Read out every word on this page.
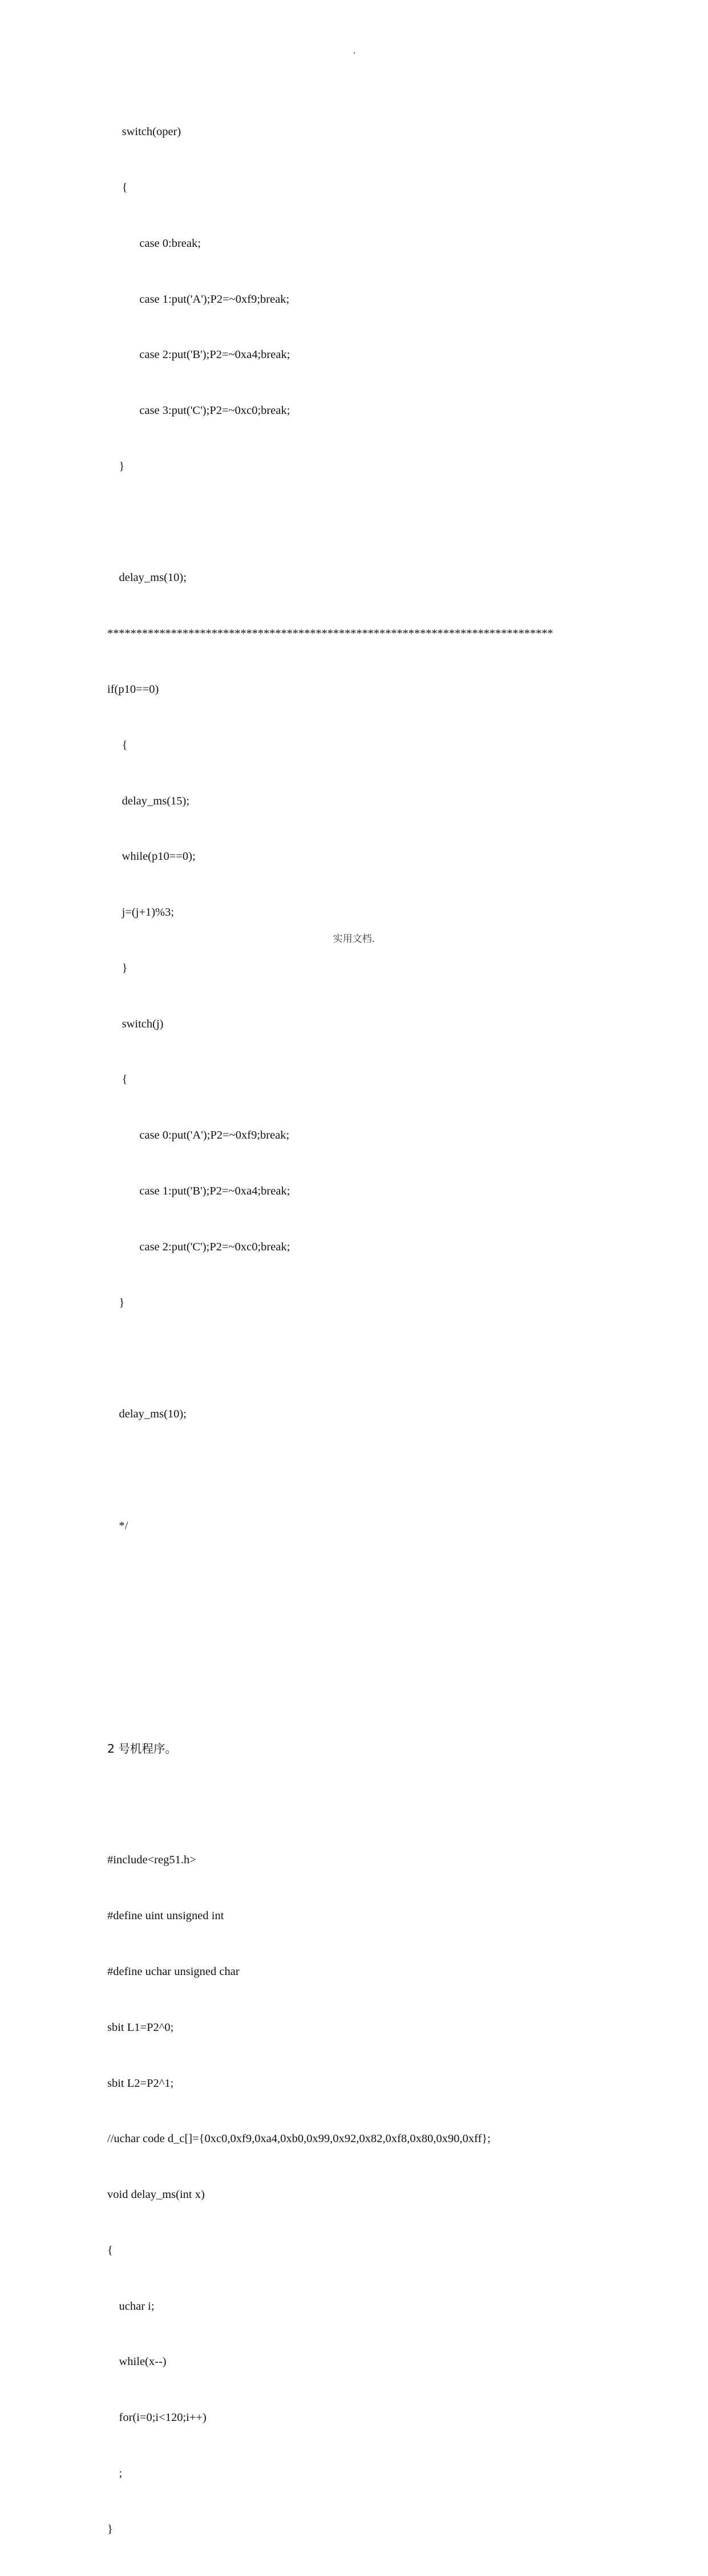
switch(oper)

{

case 0:break;

case 1:put('A');P2=~0xf9;break;

case 2:put('B');P2=~0xa4;break;

case 3:put('C');P2=~0xc0;break;

}

delay_ms(10);

*****************************************************************************

if(p10==0)

{

delay_ms(15);

while(p10==0);

j=(j+1)%3;

}

switch(j)

{

case 0:put('A');P2=~0xf9;break;

case 1:put('B');P2=~0xa4;break;

case 2:put('C');P2=~0xc0;break;

}

delay_ms(10);

*/

2 号机程序。

#include<reg51.h>

#define uint unsigned int

#define uchar unsigned char

sbit L1=P2^0;

sbit L2=P2^1;

//uchar code d_c[]={0xc0,0xf9,0xa4,0xb0,0x99,0x92,0x82,0xf8,0x80,0x90,0xff};

void delay_ms(int x)

{

uchar i;

while(x--)

for(i=0;i<120;i++)

;

}

实用文档.
